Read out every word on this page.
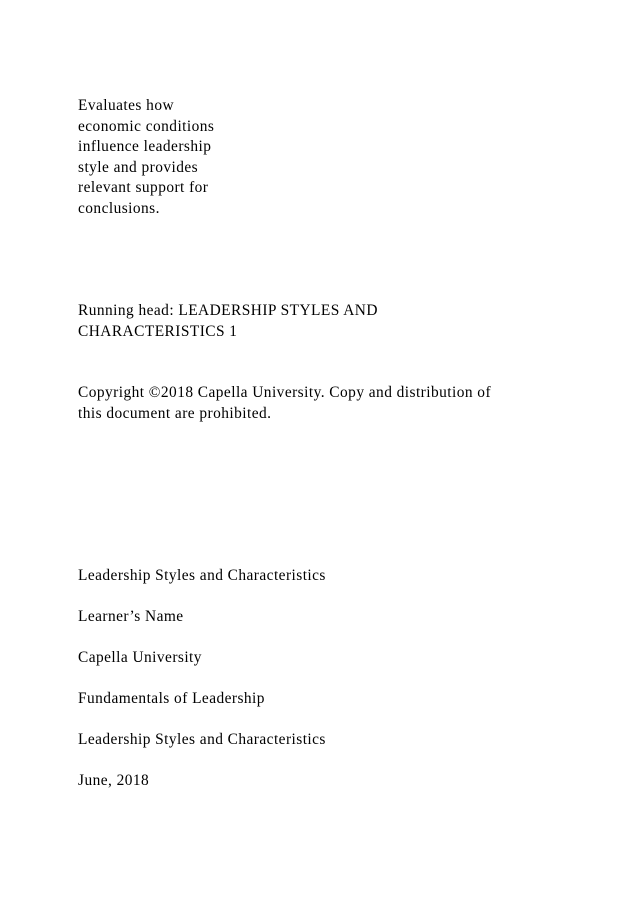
Evaluates how
economic conditions
influence leadership
style and provides
relevant support for
conclusions.

Running head: LEADERSHIP STYLES AND
CHARACTERISTICS 1

Copyright ©2018 Capella University. Copy and distribution of
this document are prohibited.

Leadership Styles and Characteristics

Learner’s Name

Capella University

Fundamentals of Leadership

Leadership Styles and Characteristics

June, 2018
